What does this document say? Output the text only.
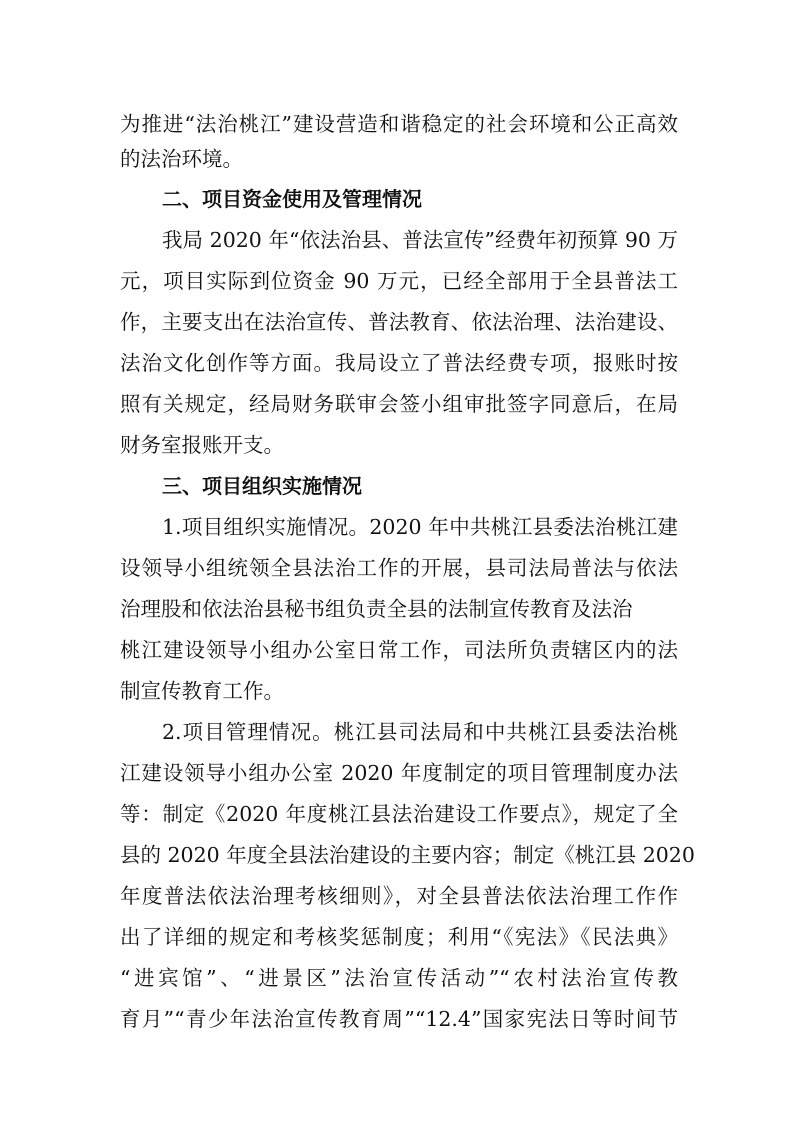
为推进“法治桃江”建设营造和谐稳定的社会环境和公正高效
的法治环境。
二、项目资金使用及管理情况
我局 2020 年“依法治县、普法宣传”经费年初预算 90 万
元，项目实际到位资金 90 万元，已经全部用于全县普法工
作，主要支出在法治宣传、普法教育、依法治理、法治建设、
法治文化创作等方面。我局设立了普法经费专项，报账时按
照有关规定，经局财务联审会签小组审批签字同意后，在局
财务室报账开支。
三、项目组织实施情况
1.项目组织实施情况。2020 年中共桃江县委法治桃江建
设领导小组统领全县法治工作的开展，县司法局普法与依法
治理股和依法治县秘书组负责全县的法制宣传教育及法治
桃江建设领导小组办公室日常工作，司法所负责辖区内的法
制宣传教育工作。
2.项目管理情况。桃江县司法局和中共桃江县委法治桃
江建设领导小组办公室 2020 年度制定的项目管理制度办法
等：制定《2020 年度桃江县法治建设工作要点》，规定了全
县的 2020 年度全县法治建设的主要内容；制定《桃江县 2020
年度普法依法治理考核细则》，对全县普法依法治理工作作
出了详细的规定和考核奖惩制度；利用“《宪法》《民法典》
“进宾馆”、“进景区”法治宣传活动”“农村法治宣传教
育月”“青少年法治宣传教育周”“12.4”国家宪法日等时间节
